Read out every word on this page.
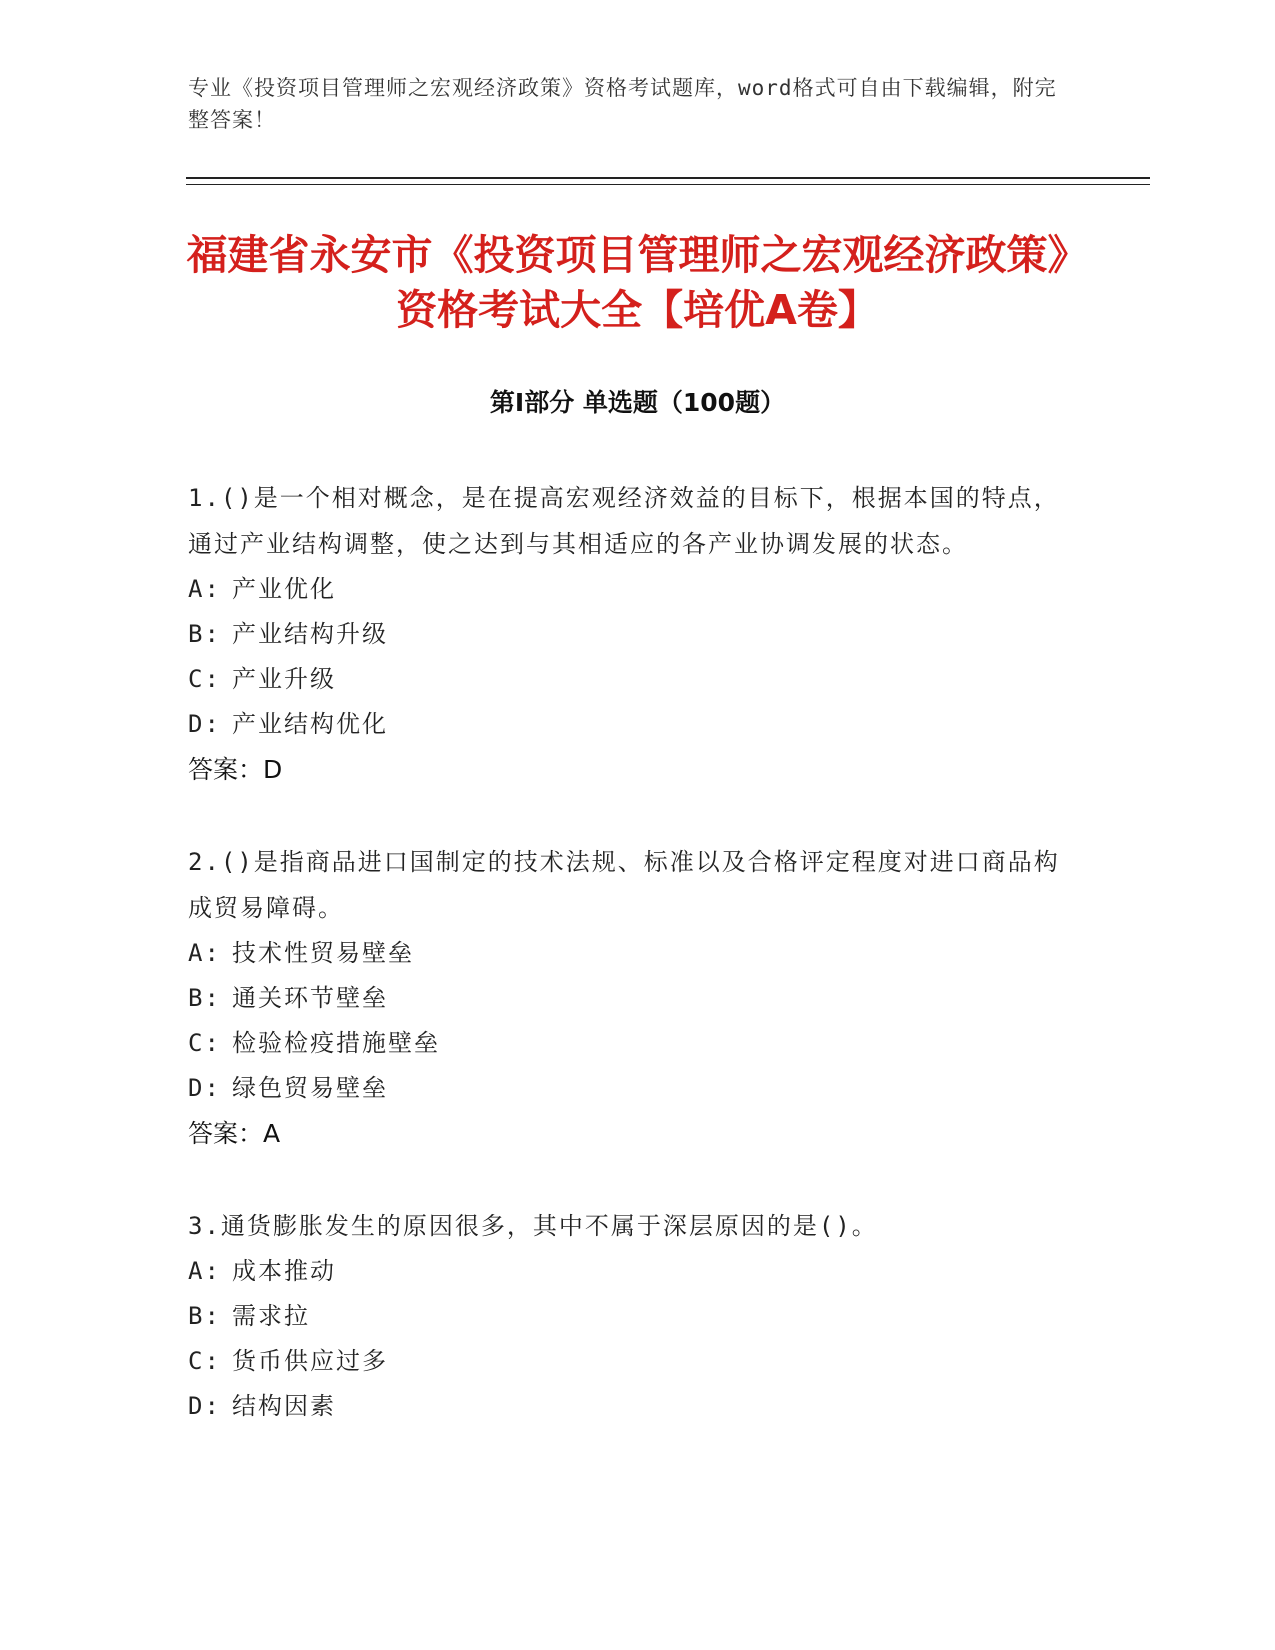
专业《投资项目管理师之宏观经济政策》资格考试题库，word格式可自由下载编辑，附完整答案！
福建省永安市《投资项目管理师之宏观经济政策》资格考试大全【培优A卷】
第I部分 单选题（100题）

1.()是一个相对概念，是在提高宏观经济效益的目标下，根据本国的特点，通过产业结构调整，使之达到与其相适应的各产业协调发展的状态。

A: 产业优化
B: 产业结构升级
C: 产业升级
D: 产业结构优化
答案：D

2.()是指商品进口国制定的技术法规、标准以及合格评定程度对进口商品构成贸易障碍。

A: 技术性贸易壁垒
B: 通关环节壁垒
C: 检验检疫措施壁垒
D: 绿色贸易壁垒
答案：A

3.通货膨胀发生的原因很多，其中不属于深层原因的是()。

A: 成本推动
B: 需求拉
C: 货币供应过多
D: 结构因素
